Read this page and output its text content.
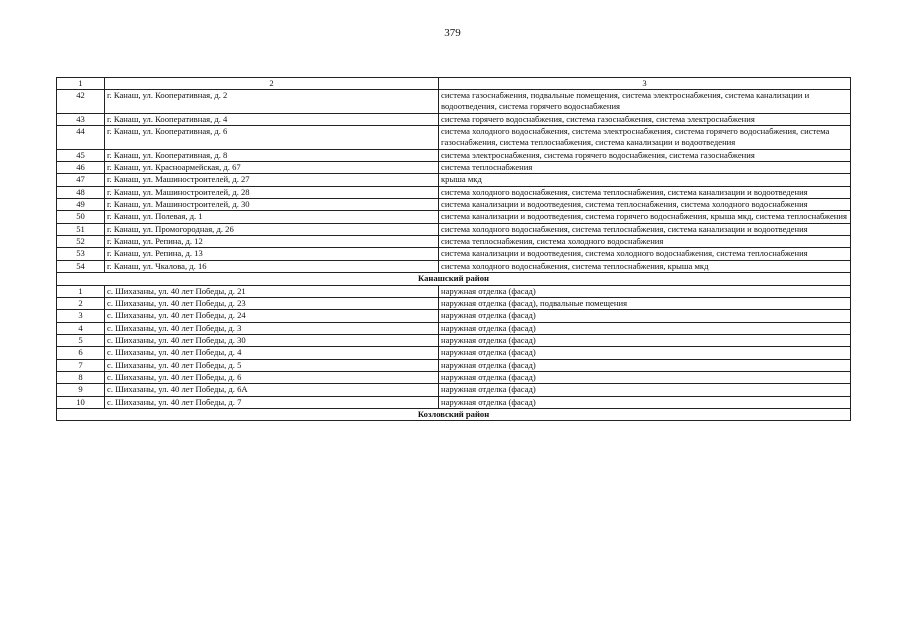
379
1	2	3
42	г. Канаш, ул. Кооперативная, д. 2	система газоснабжения, подвальные помещения, система электроснабжения, система канализации и водоотведения, система горячего водоснабжения
43	г. Канаш, ул. Кооперативная, д. 4	система горячего водоснабжения, система газоснабжения, система электроснабжения
44	г. Канаш, ул. Кооперативная, д. 6	система холодного водоснабжения, система электроснабжения, система горячего водоснабжения, система газоснабжения, система теплоснабжения, система канализации и водоотведения
45	г. Канаш, ул. Кооперативная, д. 8	система электроснабжения, система горячего водоснабжения, система газоснабжения
46	г. Канаш, ул. Красноармейская, д. 67	система теплоснабжения
47	г. Канаш, ул. Машиностроителей, д. 27	крыша мкд
48	г. Канаш, ул. Машиностроителей, д. 28	система холодного водоснабжения, система теплоснабжения, система канализации и водоотведения
49	г. Канаш, ул. Машиностроителей, д. 30	система канализации и водоотведения, система теплоснабжения, система холодного водоснабжения
50	г. Канаш, ул. Полевая, д. 1	система канализации и водоотведения, система горячего водоснабжения, крыша мкд, система теплоснабжения
51	г. Канаш, ул. Промогородная, д. 26	система холодного водоснабжения, система теплоснабжения, система канализации и водоотведения
52	г. Канаш, ул. Репина, д. 12	система теплоснабжения, система холодного водоснабжения
53	г. Канаш, ул. Репина, д. 13	система канализации и водоотведения, система холодного водоснабжения, система теплоснабжения
54	г. Канаш, ул. Чкалова, д. 16	система холодного водоснабжения, система теплоснабжения, крыша мкд
Канашский район		
1	с. Шихазаны, ул. 40 лет Победы, д. 21	наружная отделка (фасад)
2	с. Шихазаны, ул. 40 лет Победы, д. 23	наружная отделка (фасад), подвальные помещения
3	с. Шихазаны, ул. 40 лет Победы, д. 24	наружная отделка (фасад)
4	с. Шихазаны, ул. 40 лет Победы, д. 3	наружная отделка (фасад)
5	с. Шихазаны, ул. 40 лет Победы, д. 30	наружная отделка (фасад)
6	с. Шихазаны, ул. 40 лет Победы, д. 4	наружная отделка (фасад)
7	с. Шихазаны, ул. 40 лет Победы, д. 5	наружная отделка (фасад)
8	с. Шихазаны, ул. 40 лет Победы, д. 6	наружная отделка (фасад)
9	с. Шихазаны, ул. 40 лет Победы, д. 6А	наружная отделка (фасад)
10	с. Шихазаны, ул. 40 лет Победы, д. 7	наружная отделка (фасад)
Козловский район		
